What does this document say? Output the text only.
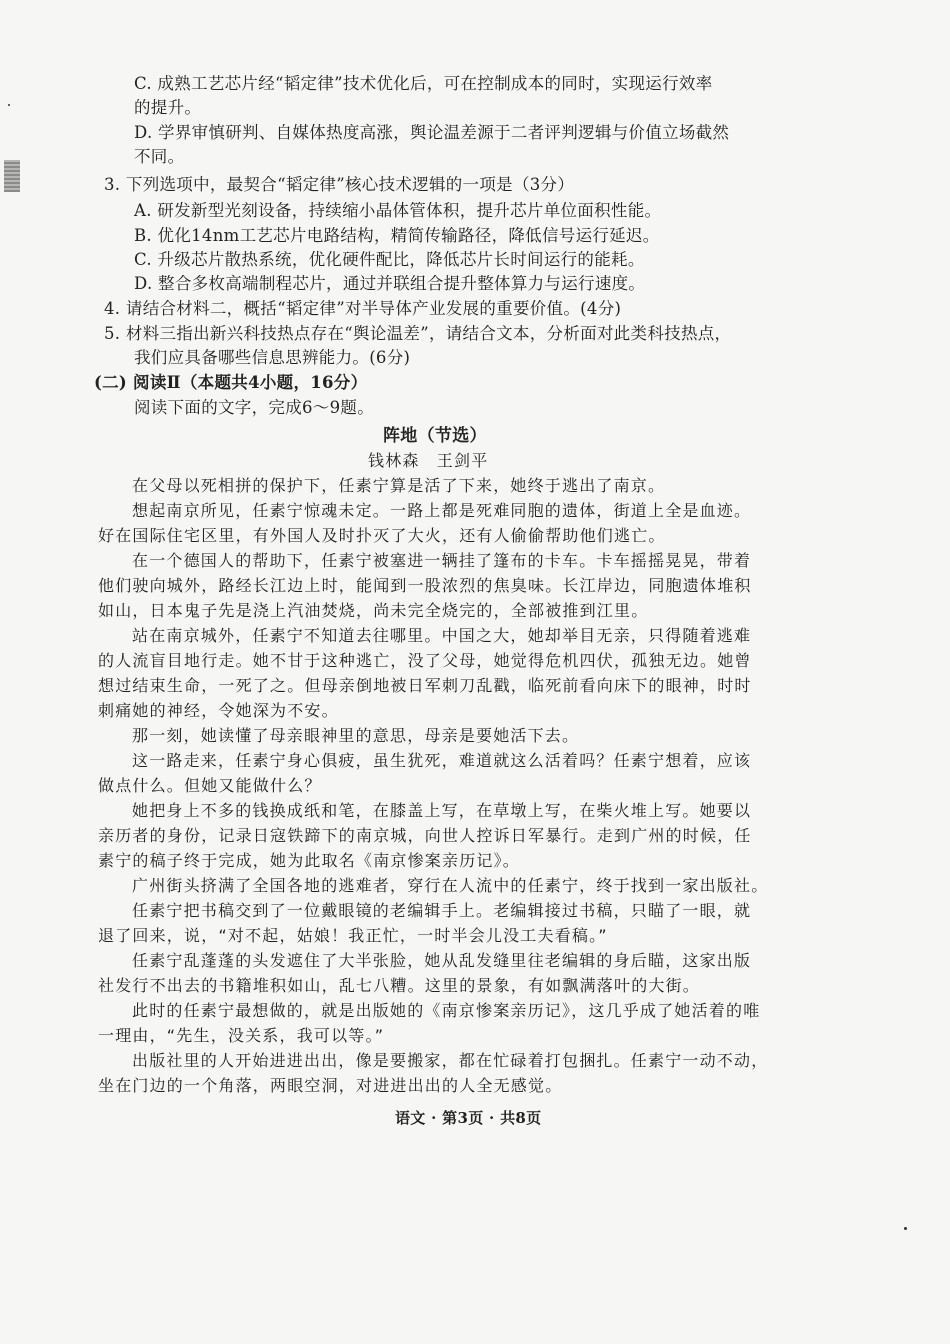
C. 成熟工艺芯片经“韬定律”技术优化后，可在控制成本的同时，实现运行效率
的提升。
D. 学界审慎研判、自媒体热度高涨，舆论温差源于二者评判逻辑与价值立场截然
不同。
3. 下列选项中，最契合“韬定律”核心技术逻辑的一项是（3分）
A. 研发新型光刻设备，持续缩小晶体管体积，提升芯片单位面积性能。
B. 优化14nm工艺芯片电路结构，精简传输路径，降低信号运行延迟。
C. 升级芯片散热系统，优化硬件配比，降低芯片长时间运行的能耗。
D. 整合多枚高端制程芯片，通过并联组合提升整体算力与运行速度。
4. 请结合材料二，概括“韬定律”对半导体产业发展的重要价值。(4分)
5. 材料三指出新兴科技热点存在“舆论温差”，请结合文本，分析面对此类科技热点，
我们应具备哪些信息思辨能力。(6分)
(二) 阅读Ⅱ（本题共4小题，16分）
阅读下面的文字，完成6～9题。
阵地（节选）
钱林森　王剑平
在父母以死相拼的保护下，任素宁算是活了下来，她终于逃出了南京。
想起南京所见，任素宁惊魂未定。一路上都是死难同胞的遗体，街道上全是血迹。
好在国际住宅区里，有外国人及时扑灭了大火，还有人偷偷帮助他们逃亡。
在一个德国人的帮助下，任素宁被塞进一辆挂了篷布的卡车。卡车摇摇晃晃，带着
他们驶向城外，路经长江边上时，能闻到一股浓烈的焦臭味。长江岸边，同胞遗体堆积
如山，日本鬼子先是浇上汽油焚烧，尚未完全烧完的，全部被推到江里。
站在南京城外，任素宁不知道去往哪里。中国之大，她却举目无亲，只得随着逃难
的人流盲目地行走。她不甘于这种逃亡，没了父母，她觉得危机四伏，孤独无边。她曾
想过结束生命，一死了之。但母亲倒地被日军刺刀乱戳，临死前看向床下的眼神，时时
刺痛她的神经，令她深为不安。
那一刻，她读懂了母亲眼神里的意思，母亲是要她活下去。
这一路走来，任素宁身心俱疲，虽生犹死，难道就这么活着吗？任素宁想着，应该
做点什么。但她又能做什么？
她把身上不多的钱换成纸和笔，在膝盖上写，在草墩上写，在柴火堆上写。她要以
亲历者的身份，记录日寇铁蹄下的南京城，向世人控诉日军暴行。走到广州的时候，任
素宁的稿子终于完成，她为此取名《南京惨案亲历记》。
广州街头挤满了全国各地的逃难者，穿行在人流中的任素宁，终于找到一家出版社。
任素宁把书稿交到了一位戴眼镜的老编辑手上。老编辑接过书稿，只瞄了一眼，就
退了回来，说，“对不起，姑娘！我正忙，一时半会儿没工夫看稿。”
任素宁乱蓬蓬的头发遮住了大半张脸，她从乱发缝里往老编辑的身后瞄，这家出版
社发行不出去的书籍堆积如山，乱七八糟。这里的景象，有如飘满落叶的大街。
此时的任素宁最想做的，就是出版她的《南京惨案亲历记》，这几乎成了她活着的唯
一理由，“先生，没关系，我可以等。”
出版社里的人开始进进出出，像是要搬家，都在忙碌着打包捆扎。任素宁一动不动，
坐在门边的一个角落，两眼空洞，对进进出出的人全无感觉。
语文 · 第3页 · 共8页
